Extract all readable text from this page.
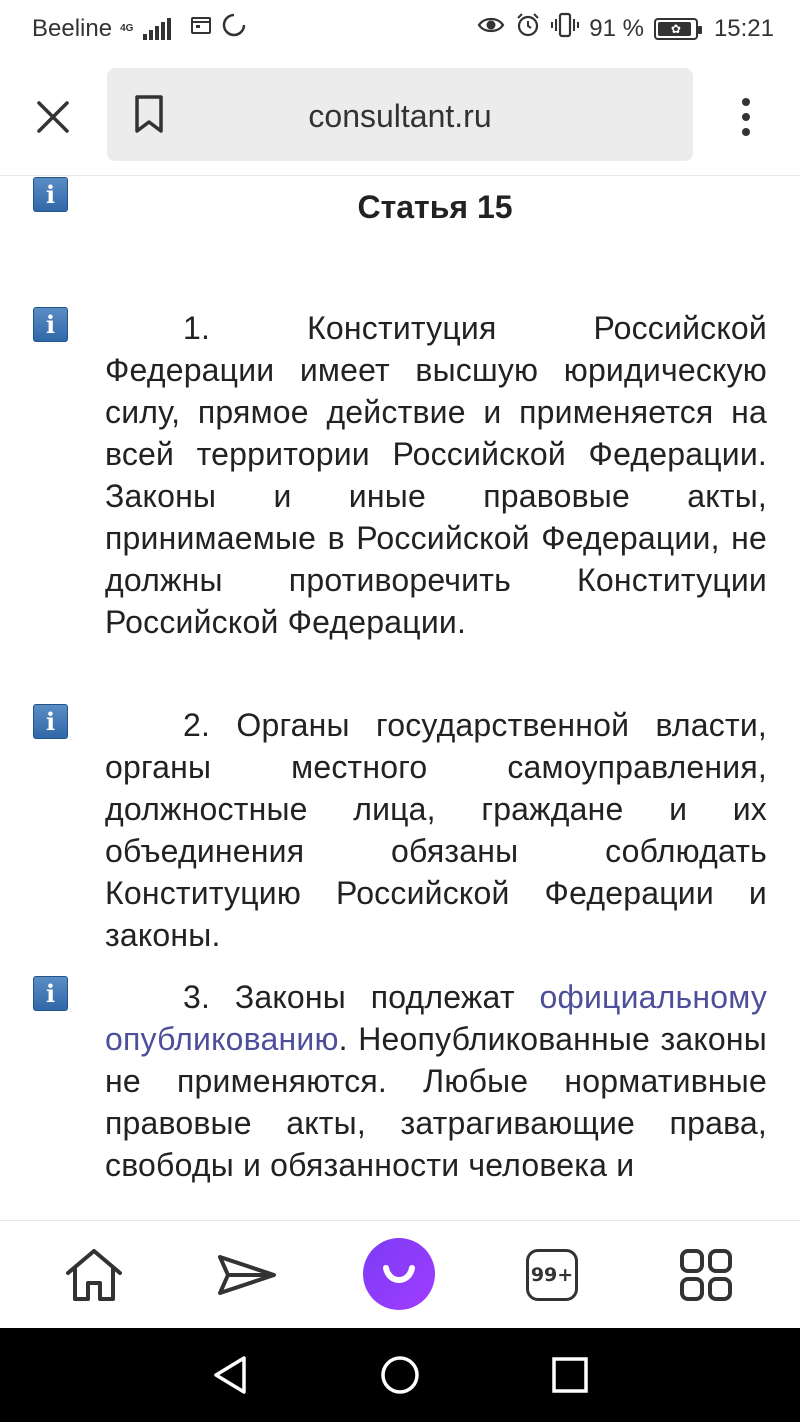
Beeline 4G	91 % ✿ 15:21
consultant.ru
i	Статья 15
i	1.	Конституция Российской Федерации имеет высшую юридическую силу, прямое действие и применяется на всей территории Российской Федерации. Законы и иные правовые акты, принимаемые в Российской Федерации, не должны противоречить Конституции Российской Федерации.
i	2. Органы государственной власти, органы местного самоуправления, должностные лица, граждане и их объединения обязаны соблюдать Конституцию Российской Федерации и законы.
i	3. Законы подлежат официальному опубликованию. Неопубликованные законы не применяются. Любые нормативные правовые акты, затрагивающие права, свободы и обязанности человека и
99+
